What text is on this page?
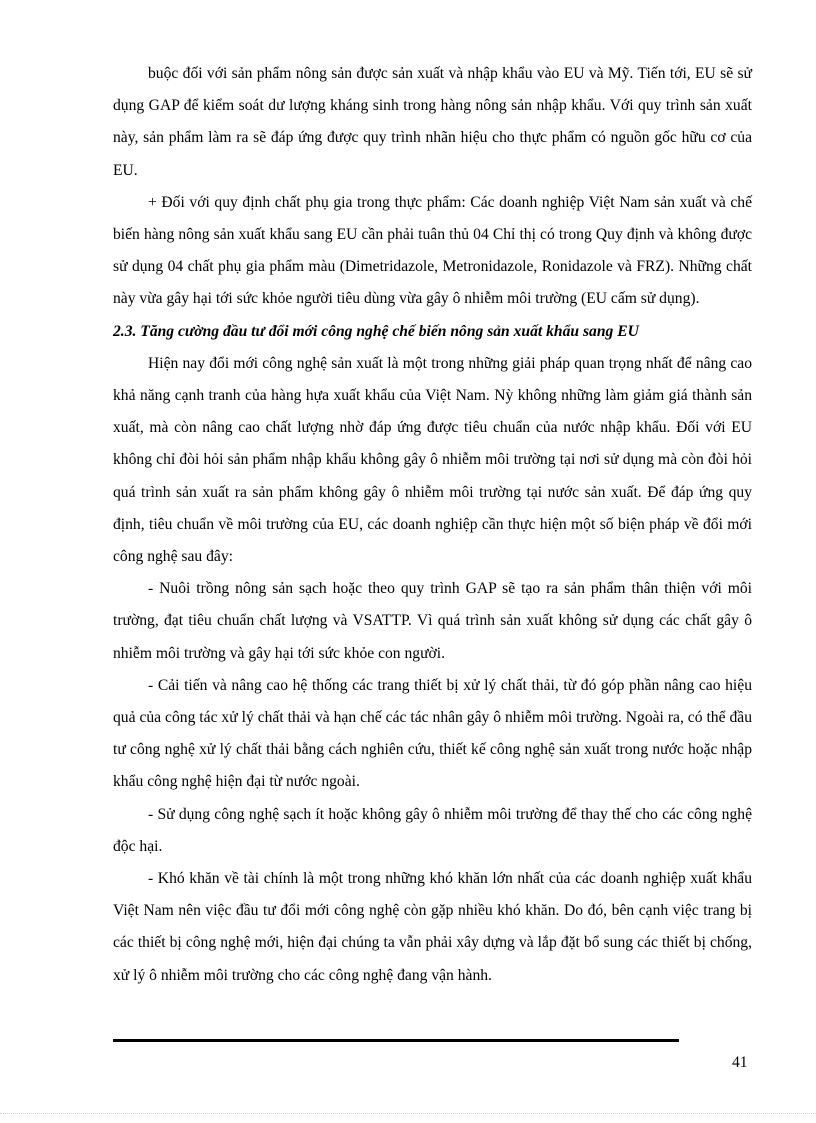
buộc đối với sản phẩm nông sản được sản xuất và nhập khẩu vào EU và Mỹ. Tiến tới, EU sẽ sử dụng GAP để kiểm soát dư lượng kháng sinh trong hàng nông sản nhập khẩu. Với quy trình sản xuất này, sản phẩm làm ra sẽ đáp ứng được quy trình nhãn hiệu cho thực phẩm có nguồn gốc hữu cơ của EU.

+ Đối với quy định chất phụ gia trong thực phẩm: Các doanh nghiệp Việt Nam sản xuất và chế biến hàng nông sản xuất khẩu sang EU cần phải tuân thủ 04 Chỉ thị có trong Quy định và không được sử dụng 04 chất phụ gia phẩm màu (Dimetridazole, Metronidazole, Ronidazole và FRZ). Những chất này vừa gây hại tới sức khỏe người tiêu dùng vừa gây ô nhiễm môi trường (EU cấm sử dụng).

2.3. Tăng cường đầu tư đổi mới công nghệ chế biến nông sản xuất khẩu sang EU

Hiện nay đổi mới công nghệ sản xuất là một trong những giải pháp quan trọng nhất để nâng cao khả năng cạnh tranh của hàng hựa xuất khẩu của Việt Nam. Nỳ không những làm giảm giá thành sản xuất, mà còn nâng cao chất lượng nhờ đáp ứng được tiêu chuẩn của nước nhập khẩu. Đối với EU không chỉ đòi hỏi sản phẩm nhập khẩu không gây ô nhiễm môi trường tại nơi sử dụng mà còn đòi hỏi quá trình sản xuất ra sản phẩm không gây ô nhiễm môi trường tại nước sản xuất. Để đáp ứng quy định, tiêu chuẩn về môi trường của EU, các doanh nghiệp cần thực hiện một số biện pháp về đổi mới công nghệ sau đây:

- Nuôi trồng nông sản sạch hoặc theo quy trình GAP sẽ tạo ra sản phẩm thân thiện với môi trường, đạt tiêu chuẩn chất lượng và VSATTP. Vì quá trình sản xuất không sử dụng các chất gây ô nhiễm môi trường và gây hại tới sức khỏe con người.

- Cải tiến và nâng cao hệ thống các trang thiết bị xử lý chất thải, từ đó góp phần nâng cao hiệu quả của công tác xử lý chất thải và hạn chế các tác nhân gây ô nhiễm môi trường. Ngoài ra, có thể đầu tư công nghệ xử lý chất thải bằng cách nghiên cứu, thiết kế công nghệ sản xuất trong nước hoặc nhập khẩu công nghệ hiện đại từ nước ngoài.

- Sử dụng công nghệ sạch ít hoặc không gây ô nhiễm môi trường để thay thế cho các công nghệ độc hại.

- Khó khăn về tài chính là một trong những khó khăn lớn nhất của các doanh nghiệp xuất khẩu Việt Nam nên việc đầu tư đổi mới công nghệ còn gặp nhiều khó khăn. Do đó, bên cạnh việc trang bị các thiết bị công nghệ mới, hiện đại chúng ta vẫn phải xây dựng và lắp đặt bổ sung các thiết bị chống, xử lý ô nhiễm môi trường cho các công nghệ đang vận hành.

41
